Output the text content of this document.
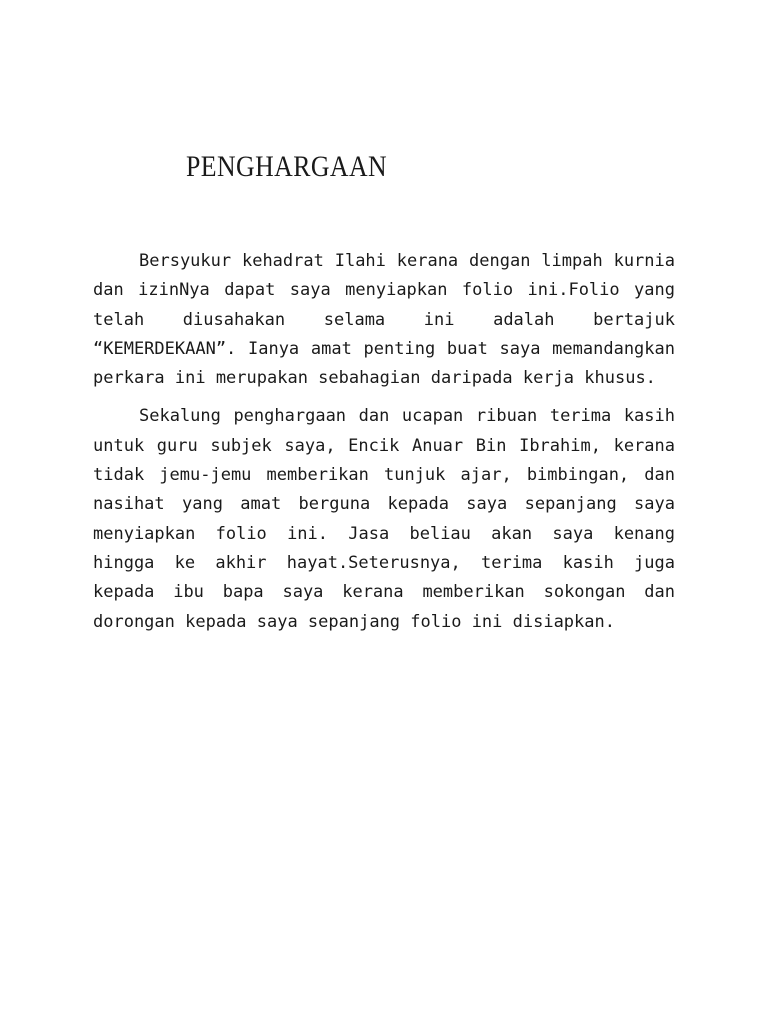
PENGHARGAAN

Bersyukur kehadrat Ilahi kerana dengan limpah kurnia dan izinNya dapat saya menyiapkan folio ini.Folio yang telah diusahakan selama ini adalah bertajuk “KEMERDEKAAN”. Ianya amat penting buat saya memandangkan perkara ini merupakan sebahagian daripada kerja khusus.

Sekalung penghargaan dan ucapan ribuan terima kasih untuk guru subjek saya, Encik Anuar Bin Ibrahim, kerana tidak jemu-jemu memberikan tunjuk ajar, bimbingan, dan nasihat yang amat berguna kepada saya sepanjang saya menyiapkan folio ini. Jasa beliau akan saya kenang hingga ke akhir hayat.Seterusnya, terima kasih juga kepada ibu bapa saya kerana memberikan sokongan dan dorongan kepada saya sepanjang folio ini disiapkan.
